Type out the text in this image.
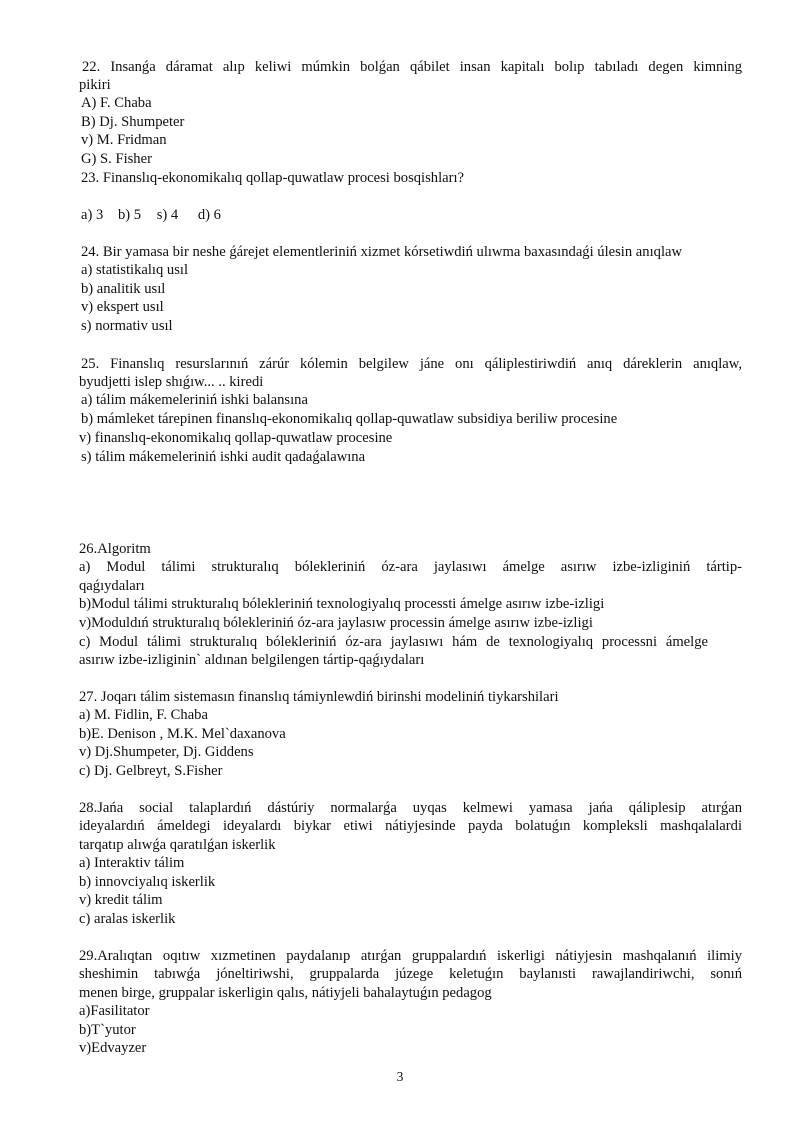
22. Insanǵa dáramat alıp keliwi múmkin bolǵan qábilet insan kapitalı bolıp tabıladı degen kimning
pikiri
A) F. Chaba
B) Dj. Shumpeter
v) M. Fridman
G) S. Fisher
23. Finanslıq-ekonomikalıq qollap-quwatlaw procesi bosqishları?
a) 3 b) 5 s) 4 d) 6
24. Bir yamasa bir neshe ǵárejet elementleriniń xizmet kórsetiwdiń ulıwma baxasındaǵi úlesin anıqlaw
a) statistikalıq usıl
b) analitik usıl
v) ekspert usıl
s) normativ usıl
25. Finanslıq resurslarınıń zárúr kólemin belgilew jáne onı qáliplestiriwdiń anıq dáreklerin anıqlaw,
byudjetti islep shıǵıw... .. kiredi
a) tálim mákemeleriniń ishki balansına
b) mámleket tárepinen finanslıq-ekonomikalıq qollap-quwatlaw subsidiya beriliw procesine
v) finanslıq-ekonomikalıq qollap-quwatlaw procesine
s) tálim mákemeleriniń ishki audit qadaǵalawına
26.Algoritm
a) Modul tálimi strukturalıq bólekleriniń óz-ara jaylasıwı ámelge asırıw izbe-izliginiń tártip-
qaǵıydaları
b)Modul tálimi strukturalıq bólekleriniń texnologiyalıq processti ámelge asırıw izbe-izligi
v)Moduldıń strukturalıq bólekleriniń óz-ara jaylasıw processin ámelge asırıw izbe-izligi
c) Modul tálimi strukturalıq bólekleriniń óz-ara jaylasıwı hám de texnologiyalıq processni ámelge
asırıw izbe-izliginin` aldınan belgilengen tártip-qaǵıydaları
27. Joqarı tálim sistemasın finanslıq támiynlewdiń birinshi modeliniń tiykarshilari
a) M. Fidlin, F. Chaba
b)E. Denison , M.K. Mel`daxanova
v) Dj.Shumpeter, Dj. Giddens
c) Dj. Gelbreyt, S.Fisher
28.Jańa social talaplardıń dástúriy normalarǵa uyqas kelmewi yamasa jańa qáliplesip atırǵan
ideyalardıń ámeldegi ideyalardı biykar etiwi nátiyjesinde payda bolatuǵın kompleksli mashqalalardi
tarqatıp alıwǵa qaratılǵan iskerlik
a) Interaktiv tálim
b) innovciyalıq iskerlik
v) kredit tálim
c) aralas iskerlik
29.Aralıqtan oqıtıw xızmetinen paydalanıp atırǵan gruppalardıń iskerligi nátiyjesin mashqalanıń ilimiy
sheshimin tabıwǵa jóneltiriwshi, gruppalarda júzege keletuǵın baylanısti rawajlandiriwchi, sonıń
menen birge, gruppalar iskerligin qalıs, nátiyjeli bahalaytuǵın pedagog
a)Fasilitator
b)T`yutor
v)Edvayzer
3
